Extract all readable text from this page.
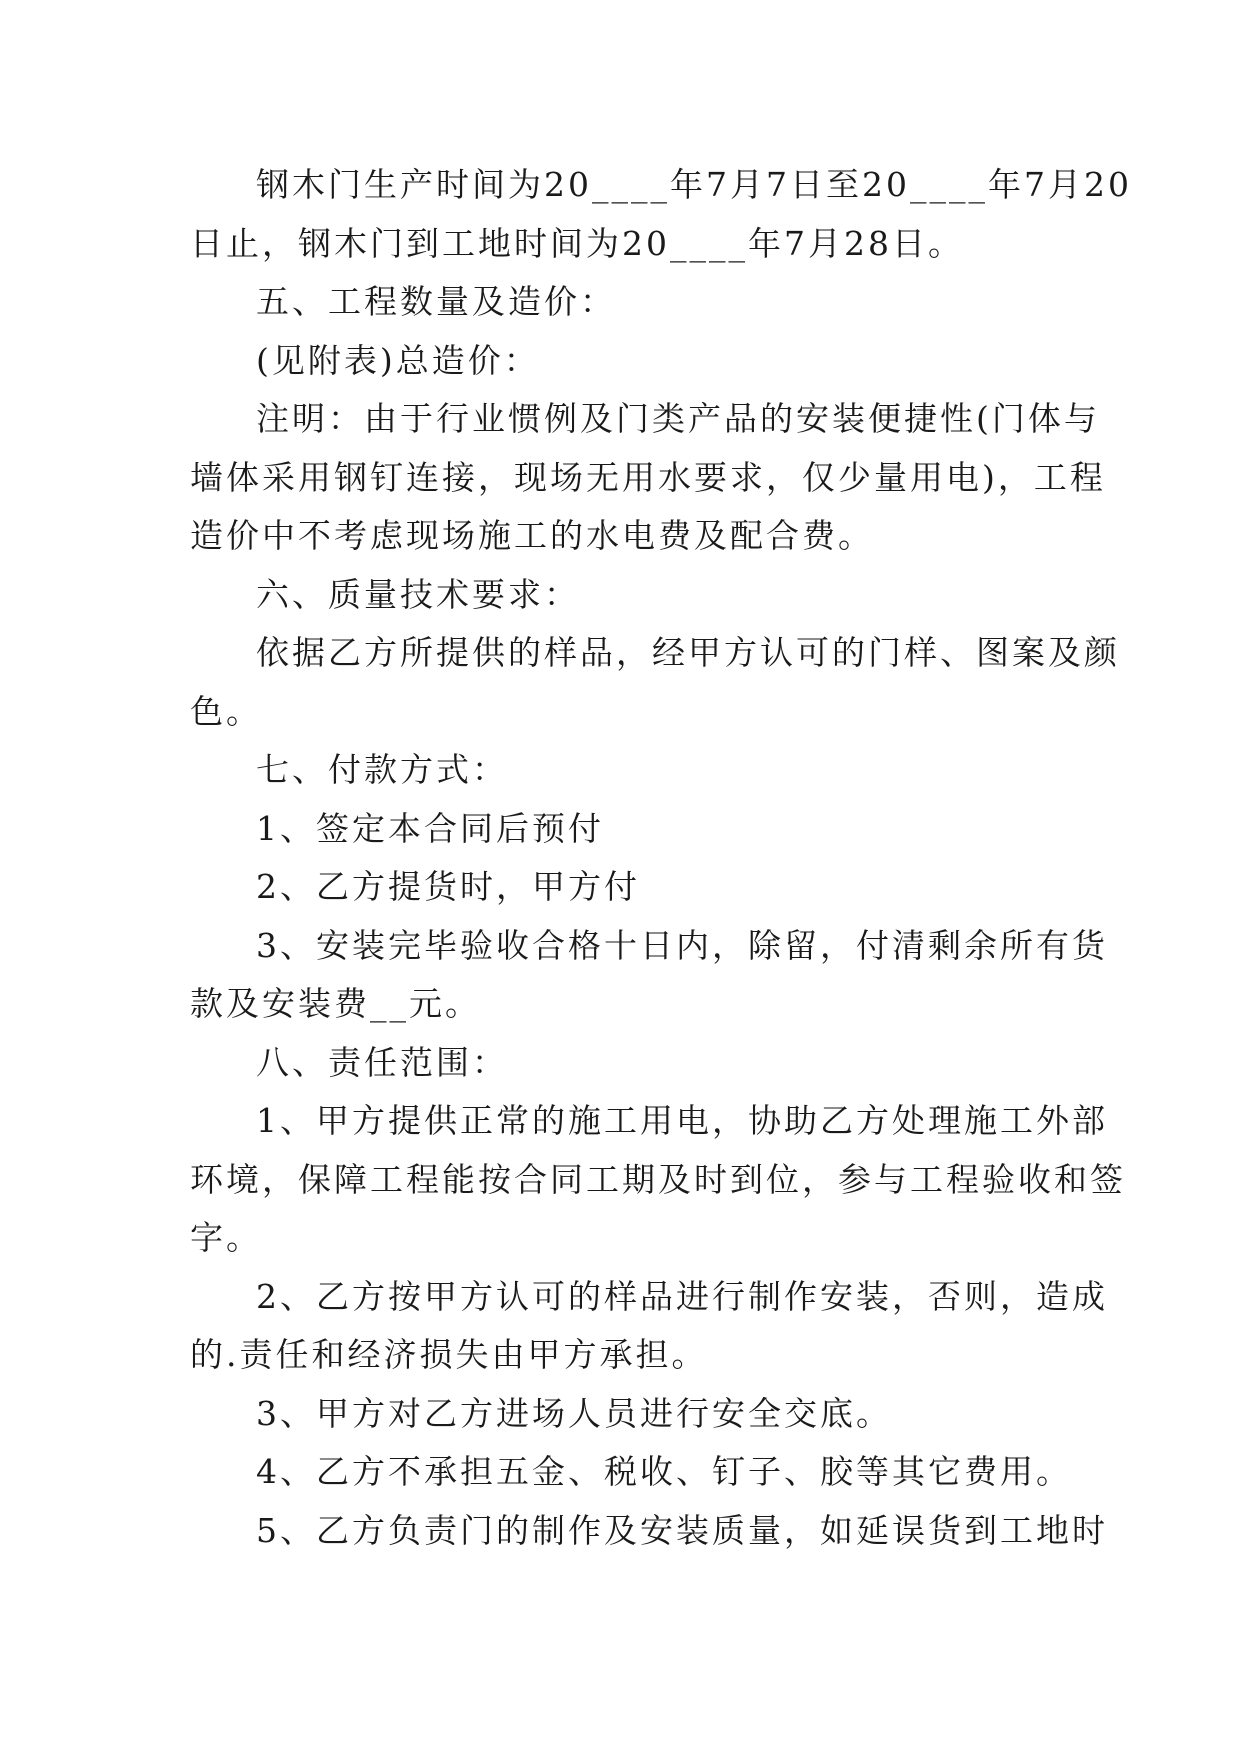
钢木门生产时间为20____年7月7日至20____年7月20
日止，钢木门到工地时间为20____年7月28日。
五、工程数量及造价：
(见附表)总造价：
注明：由于行业惯例及门类产品的安装便捷性(门体与
墙体采用钢钉连接，现场无用水要求，仅少量用电)，工程
造价中不考虑现场施工的水电费及配合费。
六、质量技术要求：
依据乙方所提供的样品，经甲方认可的门样、图案及颜
色。
七、付款方式：
1、签定本合同后预付
2、乙方提货时，甲方付
3、安装完毕验收合格十日内，除留，付清剩余所有货
款及安装费__元。
八、责任范围：
1、甲方提供正常的施工用电，协助乙方处理施工外部
环境，保障工程能按合同工期及时到位，参与工程验收和签
字。
2、乙方按甲方认可的样品进行制作安装，否则，造成
的.责任和经济损失由甲方承担。
3、甲方对乙方进场人员进行安全交底。
4、乙方不承担五金、税收、钉子、胶等其它费用。
5、乙方负责门的制作及安装质量，如延误货到工地时
